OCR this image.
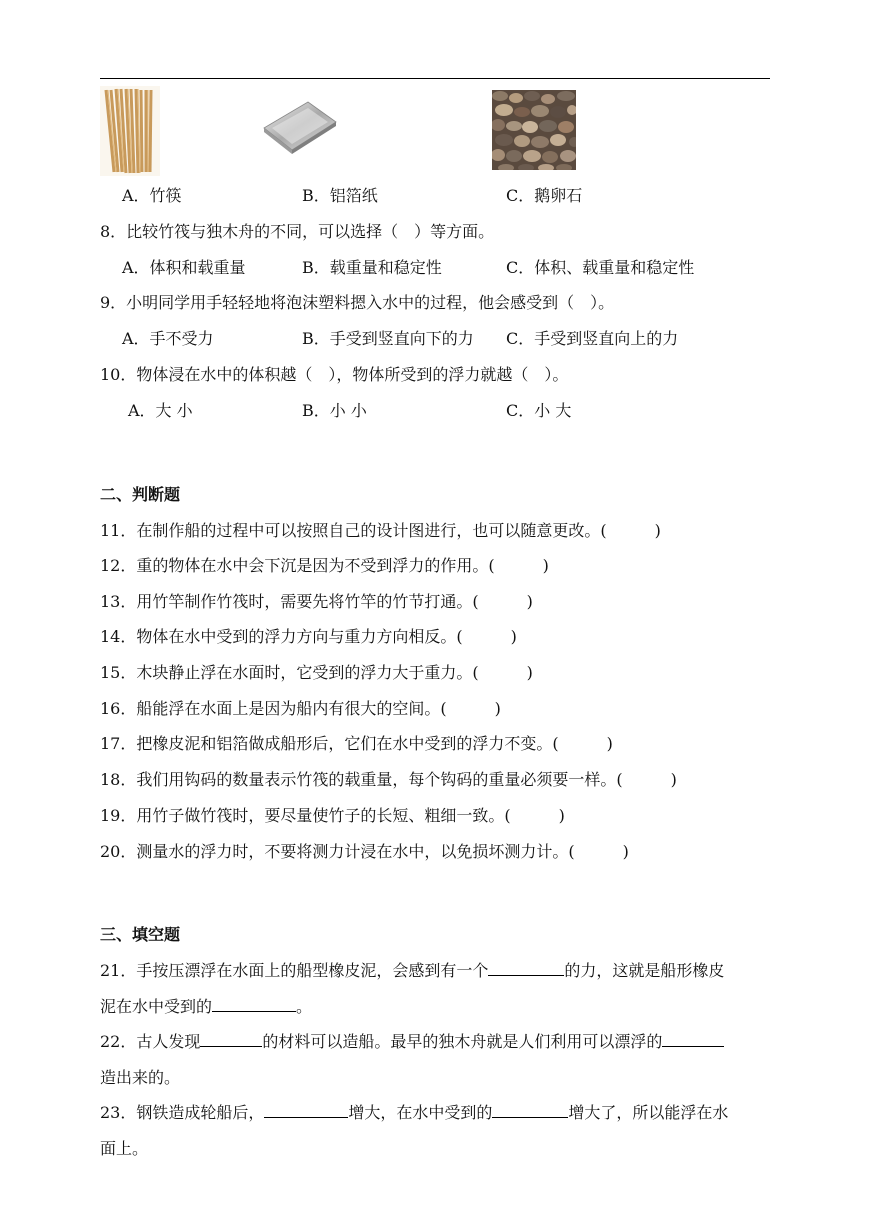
A．竹筷	B．铝箔纸	C．鹅卵石
8．比较竹筏与独木舟的不同，可以选择（　）等方面。
A．体积和载重量	B．载重量和稳定性	C．体积、载重量和稳定性
9．小明同学用手轻轻地将泡沫塑料摁入水中的过程，他会感受到（　）。
A．手不受力	B．手受到竖直向下的力 C．手受到竖直向上的力
10．物体浸在水中的体积越（　），物体所受到的浮力就越（　）。
A．大 小	B．小 小	C．小 大
二、判断题
11．在制作船的过程中可以按照自己的设计图进行，也可以随意更改。(　　　)
12．重的物体在水中会下沉是因为不受到浮力的作用。(　　　)
13．用竹竿制作竹筏时，需要先将竹竿的竹节打通。(　　　)
14．物体在水中受到的浮力方向与重力方向相反。(　　　)
15．木块静止浮在水面时，它受到的浮力大于重力。(　　　)
16．船能浮在水面上是因为船内有很大的空间。(　　　)
17．把橡皮泥和铝箔做成船形后，它们在水中受到的浮力不变。(　　　)
18．我们用钩码的数量表示竹筏的载重量，每个钩码的重量必须要一样。(　　　)
19．用竹子做竹筏时，要尽量使竹子的长短、粗细一致。(　　　)
20．测量水的浮力时，不要将测力计浸在水中，以免损坏测力计。(　　　)
三、填空题
21．手按压漂浮在水面上的船型橡皮泥，会感到有一个	的力，这就是船形橡皮
泥在水中受到的	。
22．古人发现	的材料可以造船。最早的独木舟就是人们利用可以漂浮的
造出来的。
23．钢铁造成轮船后，	增大，在水中受到的	增大了，所以能浮在水
面上。
